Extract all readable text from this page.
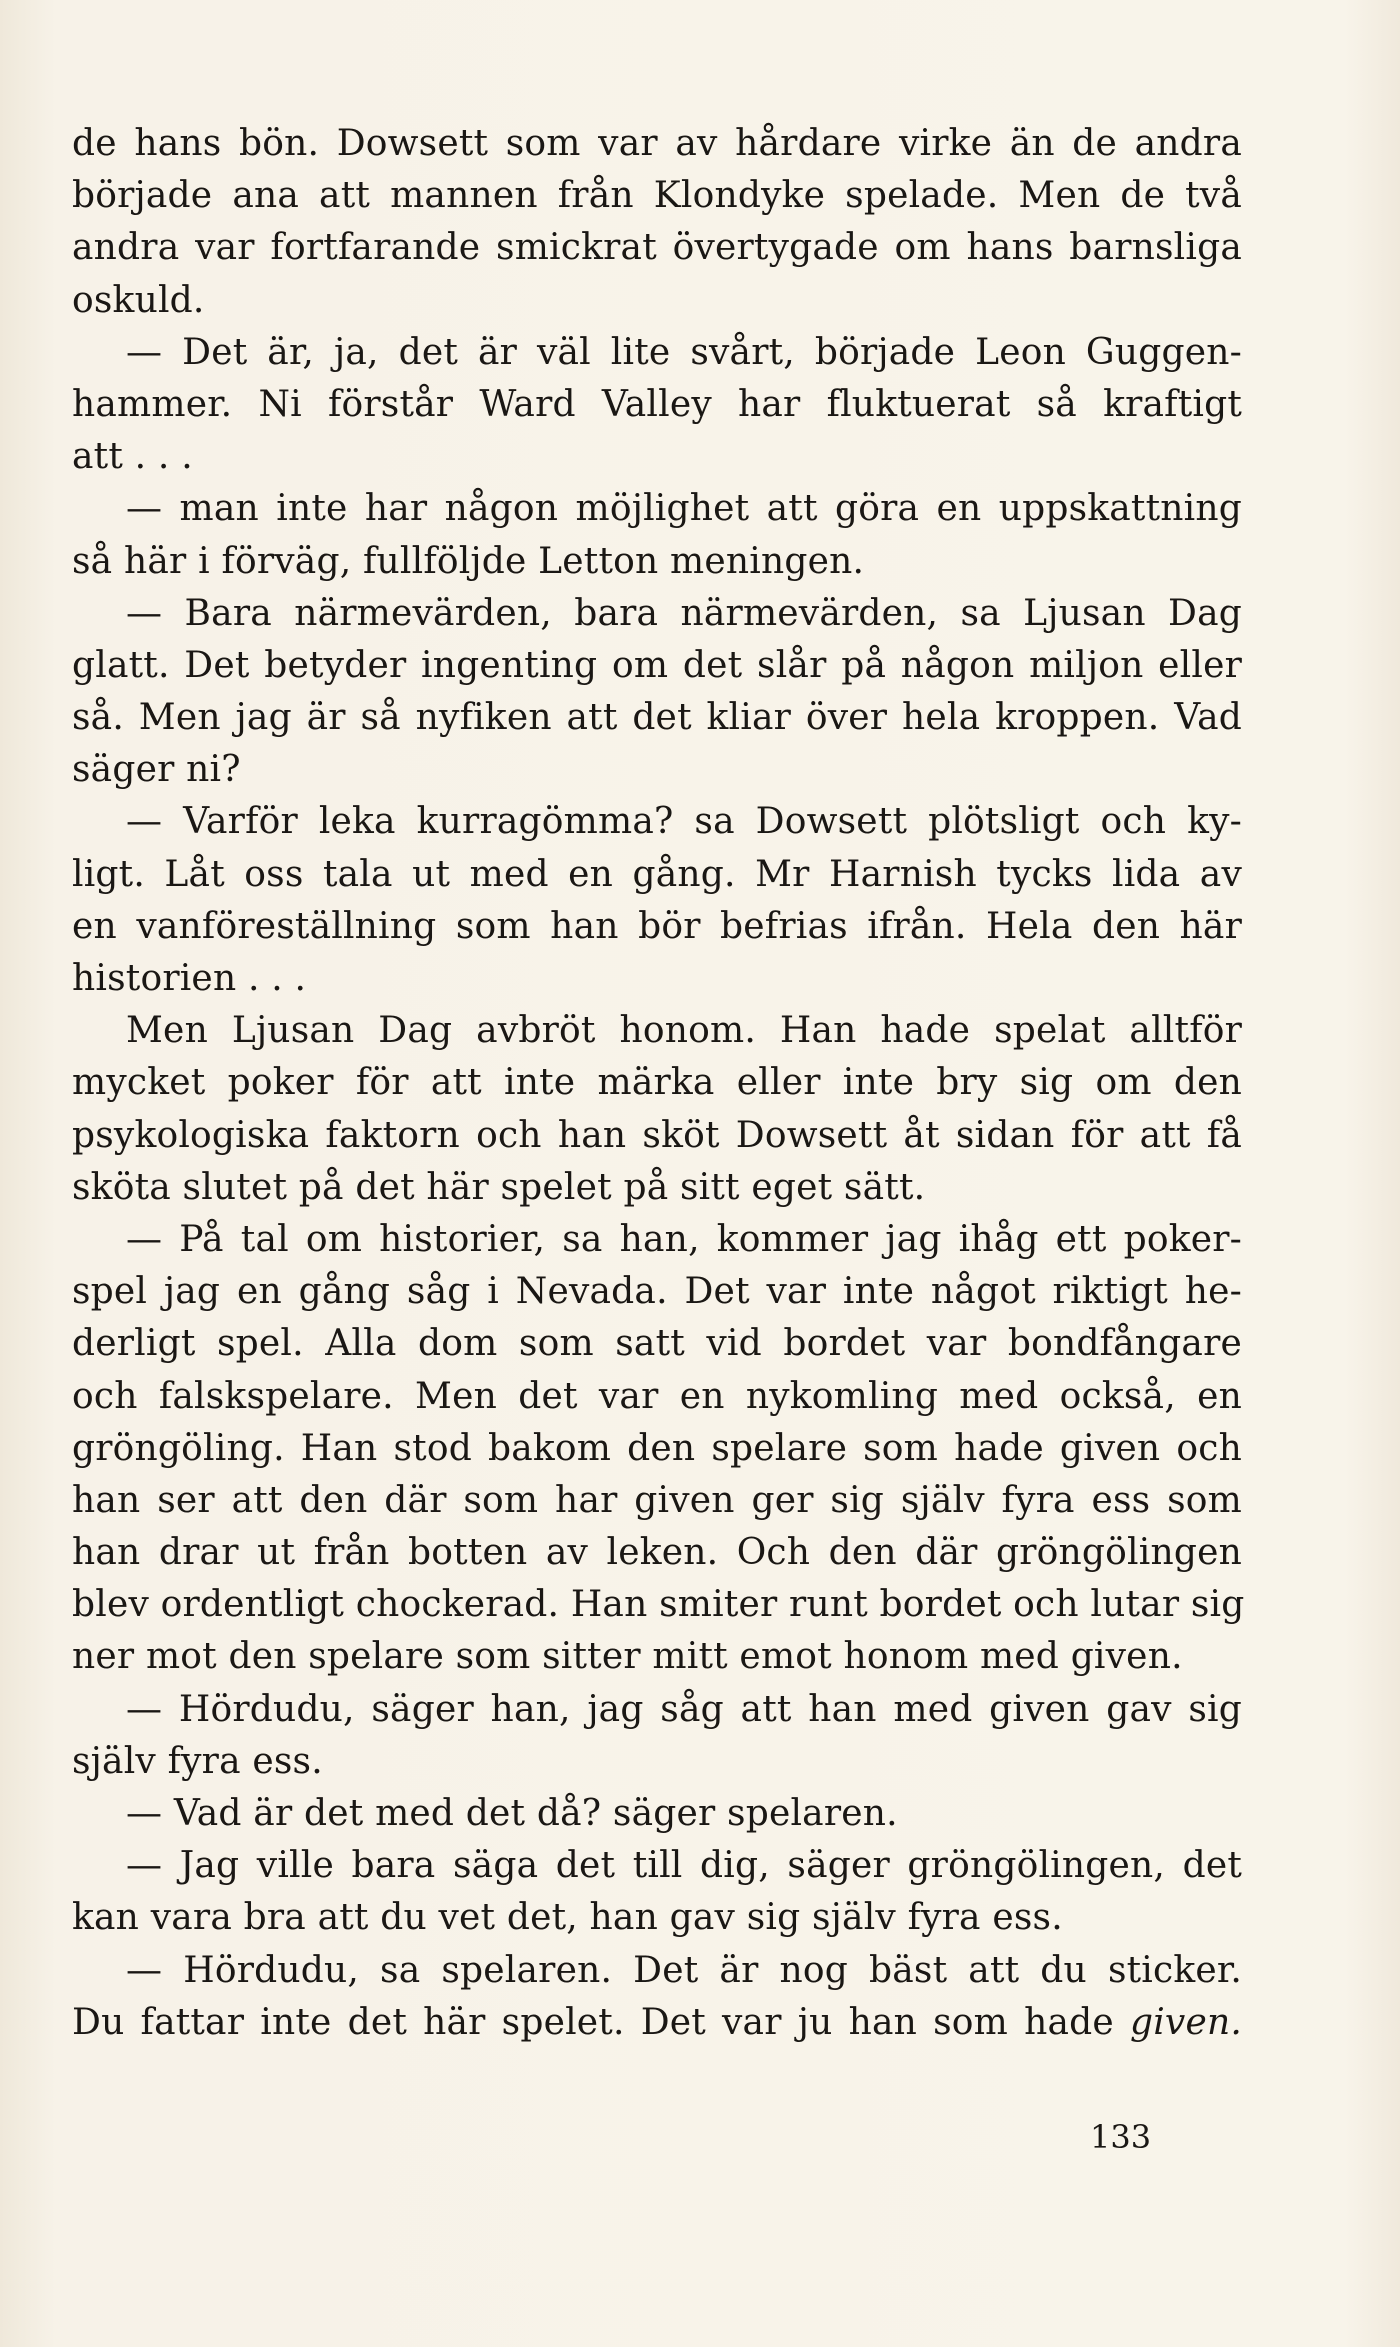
de hans bön. Dowsett som var av hårdare virke än de andra
började ana att mannen från Klondyke spelade. Men de två
andra var fortfarande smickrat övertygade om hans barnsliga
oskuld.
— Det är, ja, det är väl lite svårt, började Leon Guggen-
hammer. Ni förstår Ward Valley har fluktuerat så kraftigt
att . . .
— man inte har någon möjlighet att göra en uppskattning
så här i förväg, fullföljde Letton meningen.
— Bara närmevärden, bara närmevärden, sa Ljusan Dag
glatt. Det betyder ingenting om det slår på någon miljon eller
så. Men jag är så nyfiken att det kliar över hela kroppen. Vad
säger ni?
— Varför leka kurragömma? sa Dowsett plötsligt och ky-
ligt. Låt oss tala ut med en gång. Mr Harnish tycks lida av
en vanföreställning som han bör befrias ifrån. Hela den här
historien . . .
Men Ljusan Dag avbröt honom. Han hade spelat alltför
mycket poker för att inte märka eller inte bry sig om den
psykologiska faktorn och han sköt Dowsett åt sidan för att få
sköta slutet på det här spelet på sitt eget sätt.
— På tal om historier, sa han, kommer jag ihåg ett poker-
spel jag en gång såg i Nevada. Det var inte något riktigt he-
derligt spel. Alla dom som satt vid bordet var bondfångare
och falskspelare. Men det var en nykomling med också, en
gröngöling. Han stod bakom den spelare som hade given och
han ser att den där som har given ger sig själv fyra ess som
han drar ut från botten av leken. Och den där gröngölingen
blev ordentligt chockerad. Han smiter runt bordet och lutar sig
ner mot den spelare som sitter mitt emot honom med given.
— Hördudu, säger han, jag såg att han med given gav sig
själv fyra ess.
— Vad är det med det då? säger spelaren.
— Jag ville bara säga det till dig, säger gröngölingen, det
kan vara bra att du vet det, han gav sig själv fyra ess.
— Hördudu, sa spelaren. Det är nog bäst att du sticker.
Du fattar inte det här spelet. Det var ju han som hade given.
133
